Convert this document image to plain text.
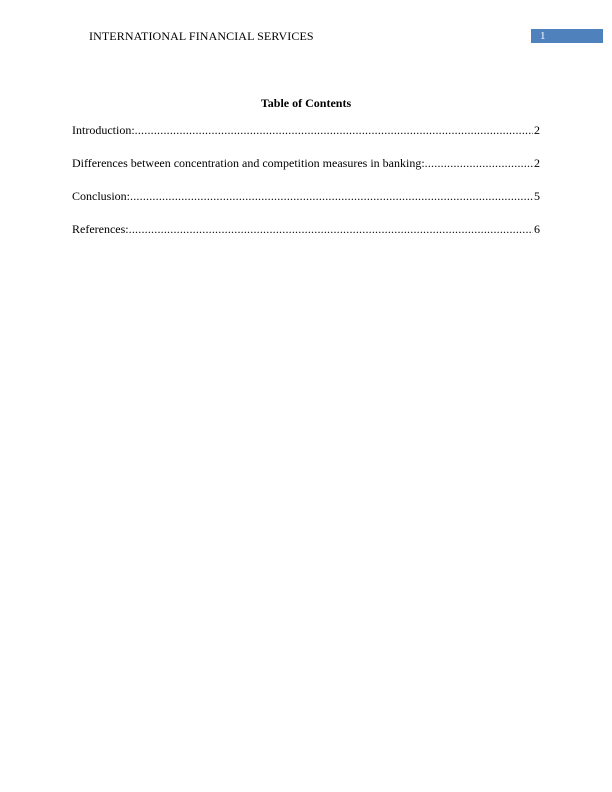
INTERNATIONAL FINANCIAL SERVICES	1
Table of Contents
Introduction: .....	2
Differences between concentration and competition measures in banking: .....	2
Conclusion: .....	5
References: .....	6
